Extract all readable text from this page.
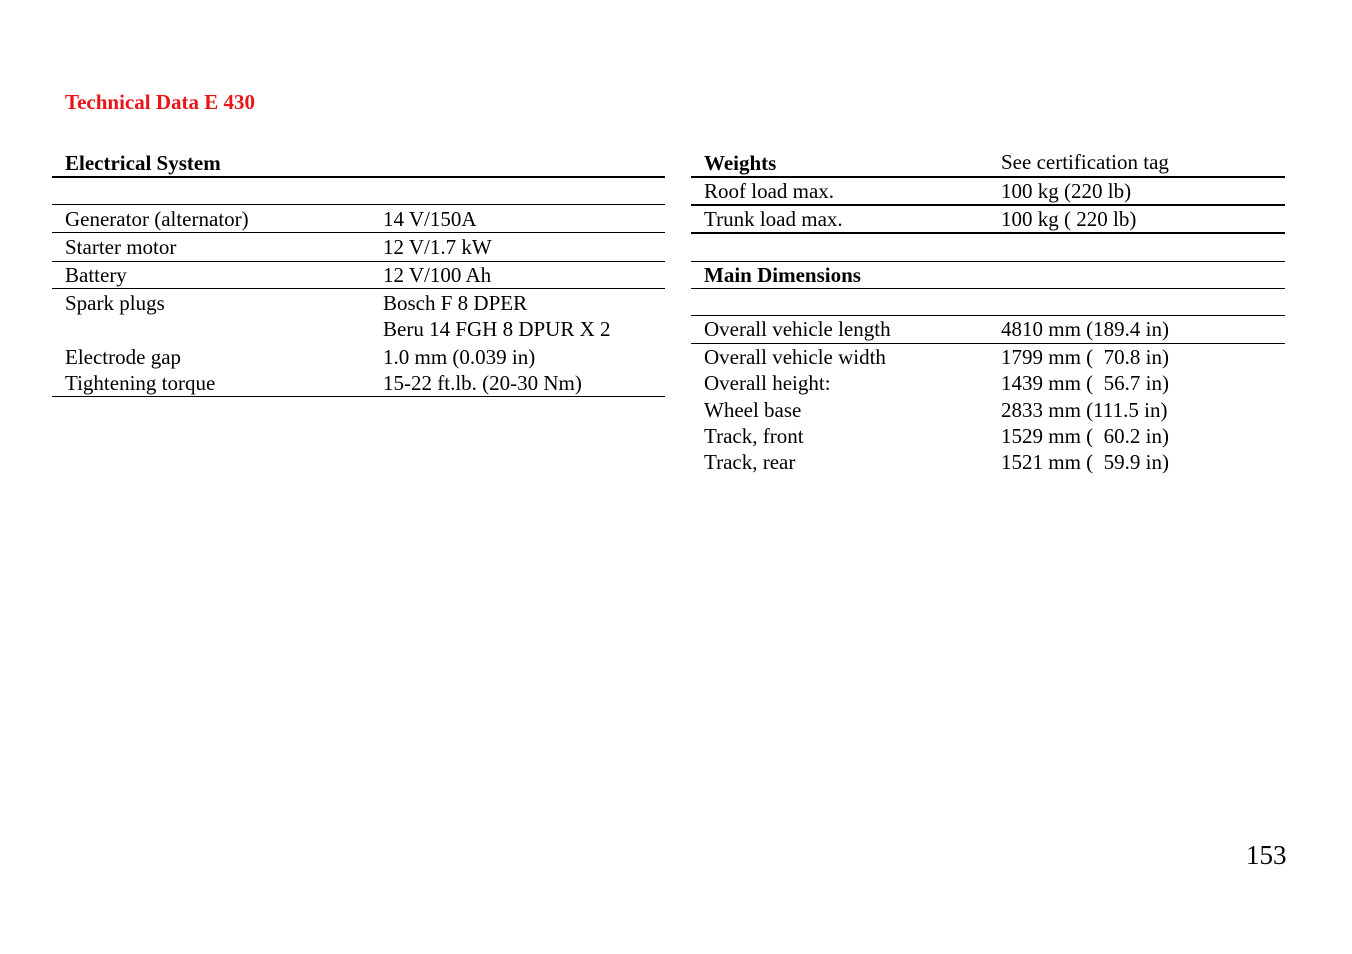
Technical Data E 430
Electrical System
Generator (alternator)	14 V/150A
Starter motor	12 V/1.7 kW
Battery	12 V/100 Ah
Spark plugs	Bosch F 8 DPER
Beru 14 FGH 8 DPUR X 2
Electrode gap	1.0 mm (0.039 in)
Tightening torque	15-22 ft.lb. (20-30 Nm)
Weights	See certification tag
Roof load max.	100 kg (220 lb)
Trunk load max.	100 kg ( 220 lb)
Main Dimensions
Overall vehicle length	4810 mm (189.4 in)
Overall vehicle width	1799 mm (  70.8 in)
Overall height:	1439 mm (  56.7 in)
Wheel base	2833 mm (111.5 in)
Track, front	1529 mm (  60.2 in)
Track, rear	1521 mm (  59.9 in)
153
